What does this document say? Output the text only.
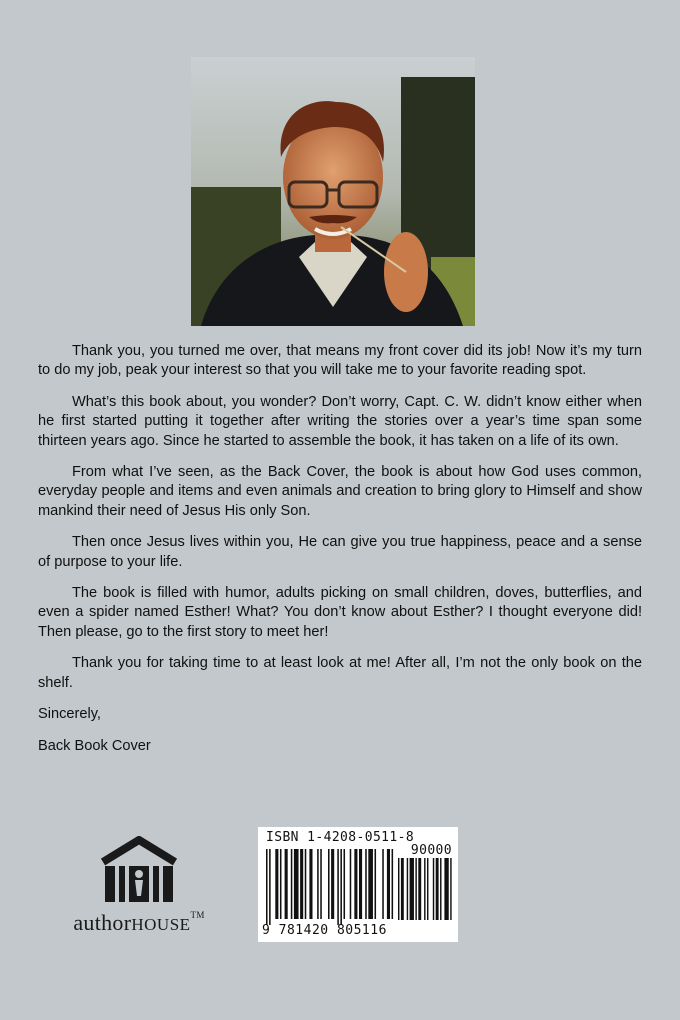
Thank you, you turned me over, that means my front cover did its job! Now it’s my turn to do my job, peak your interest so that you will take me to your favorite reading spot.

What’s this book about, you wonder? Don’t worry, Capt. C. W. didn’t know either when he first started putting it together after writing the stories over a year’s time span some thirteen years ago. Since he started to assemble the book, it has taken on a life of its own.

From what I’ve seen, as the Back Cover, the book is about how God uses common, everyday people and items and even animals and creation to bring glory to Himself and show mankind their need of Jesus His only Son.

Then once Jesus lives within you, He can give you true happiness, peace and a sense of purpose to your life.

The book is filled with humor, adults picking on small children, doves, butterflies, and even a spider named Esther! What? You don’t know about Esther? I thought everyone did! Then please, go to the first story to meet her!

Thank you for taking time to at least look at me! After all, I’m not the only book on the shelf.

Sincerely,

Back Book Cover

authorHOUSE™
ISBN 1-4208-0511-8
90000
9 781420 805116
